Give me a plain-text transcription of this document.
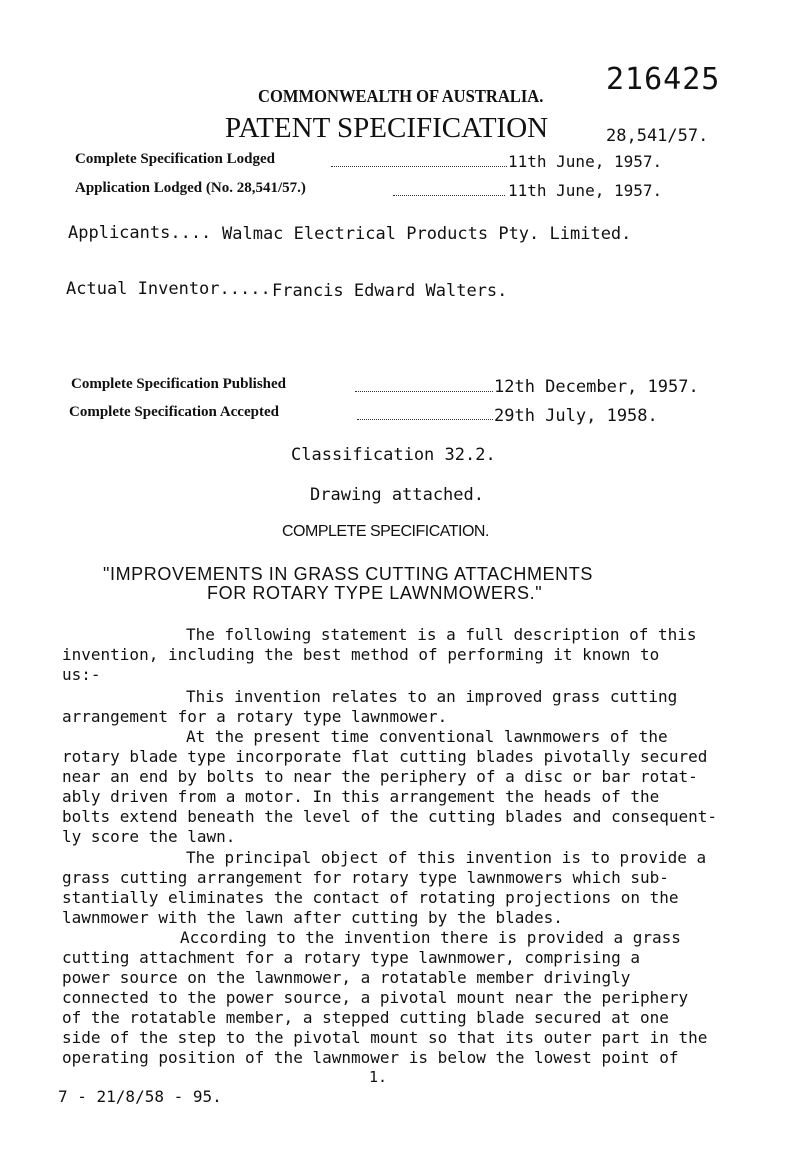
216425
COMMONWEALTH OF AUSTRALIA.
PATENT SPECIFICATION	28,541/57.
Complete Specification Lodged	11th June, 1957.
Application Lodged (No. 28,541/57.)	11th June, 1957.
Applicants.... Walmac Electrical Products Pty. Limited.
Actual Inventor..... Francis Edward Walters.
Complete Specification Published	12th December, 1957.
Complete Specification Accepted	29th July, 1958.
Classification 32.2.
Drawing attached.
COMPLETE SPECIFICATION.
"IMPROVEMENTS IN GRASS CUTTING ATTACHMENTS
FOR ROTARY TYPE LAWNMOWERS."
The following statement is a full description of this
invention, including the best method of performing it known to
us:-
This invention relates to an improved grass cutting
arrangement for a rotary type lawnmower.
At the present time conventional lawnmowers of the
rotary blade type incorporate flat cutting blades pivotally secured
near an end by bolts to near the periphery of a disc or bar rotat-
ably driven from a motor. In this arrangement the heads of the
bolts extend beneath the level of the cutting blades and consequent-
ly score the lawn.
The principal object of this invention is to provide a
grass cutting arrangement for rotary type lawnmowers which sub-
stantially eliminates the contact of rotating projections on the
lawnmower with the lawn after cutting by the blades.
According to the invention there is provided a grass
cutting attachment for a rotary type lawnmower, comprising a
power source on the lawnmower, a rotatable member drivingly
connected to the power source, a pivotal mount near the periphery
of the rotatable member, a stepped cutting blade secured at one
side of the step to the pivotal mount so that its outer part in the
operating position of the lawnmower is below the lowest point of
1.
7 - 21/8/58 - 95.
